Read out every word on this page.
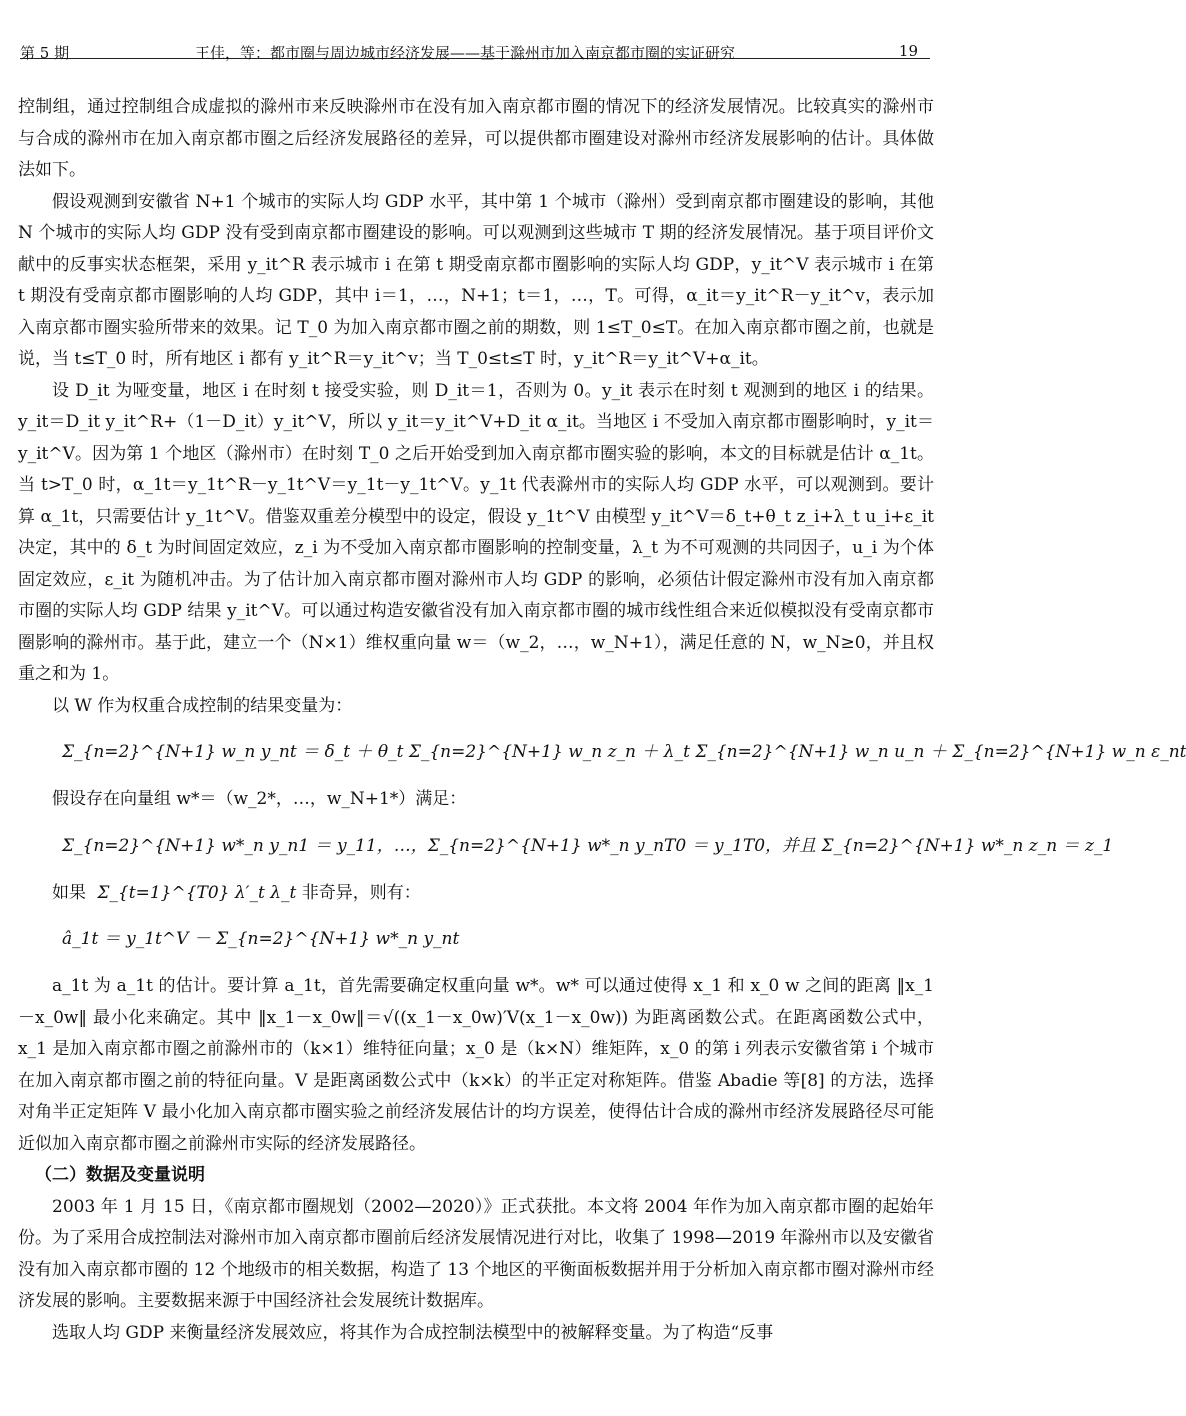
第 5 期	王佳，等：都市圈与周边城市经济发展——基于滁州市加入南京都市圈的实证研究	19

控制组，通过控制组合成虚拟的滁州市来反映滁州市在没有加入南京都市圈的情况下的经济发展情况。比较真实的滁州市与合成的滁州市在加入南京都市圈之后经济发展路径的差异，可以提供都市圈建设对滁州市经济发展影响的估计。具体做法如下。

假设观测到安徽省 N+1 个城市的实际人均 GDP 水平，其中第 1 个城市（滁州）受到南京都市圈建设的影响，其他 N 个城市的实际人均 GDP 没有受到南京都市圈建设的影响。可以观测到这些城市 T 期的经济发展情况。基于项目评价文献中的反事实状态框架，采用 y_it^R 表示城市 i 在第 t 期受南京都市圈影响的实际人均 GDP，y_it^V 表示城市 i 在第 t 期没有受南京都市圈影响的人均 GDP，其中 i＝1，…，N+1；t＝1，…，T。可得，α_it＝y_it^R－y_it^v，表示加入南京都市圈实验所带来的效果。记 T_0 为加入南京都市圈之前的期数，则 1≤T_0≤T。在加入南京都市圈之前，也就是说，当 t≤T_0 时，所有地区 i 都有 y_it^R＝y_it^v；当 T_0≤t≤T 时，y_it^R＝y_it^V+α_it。

设 D_it 为哑变量，地区 i 在时刻 t 接受实验，则 D_it＝1，否则为 0。y_it 表示在时刻 t 观测到的地区 i 的结果。y_it＝D_it y_it^R+（1－D_it）y_it^V，所以 y_it＝y_it^V+D_it α_it。当地区 i 不受加入南京都市圈影响时，y_it＝y_it^V。因为第 1 个地区（滁州市）在时刻 T_0 之后开始受到加入南京都市圈实验的影响，本文的目标就是估计 α_1t。当 t>T_0 时，α_1t＝y_1t^R－y_1t^V＝y_1t－y_1t^V。y_1t 代表滁州市的实际人均 GDP 水平，可以观测到。要计算 α_1t，只需要估计 y_1t^V。借鉴双重差分模型中的设定，假设 y_1t^V 由模型 y_it^V＝δ_t+θ_t z_i+λ_t u_i+ε_it 决定，其中的 δ_t 为时间固定效应，z_i 为不受加入南京都市圈影响的控制变量，λ_t 为不可观测的共同因子，u_i 为个体固定效应，ε_it 为随机冲击。为了估计加入南京都市圈对滁州市人均 GDP 的影响，必须估计假定滁州市没有加入南京都市圈的实际人均 GDP 结果 y_it^V。可以通过构造安徽省没有加入南京都市圈的城市线性组合来近似模拟没有受南京都市圈影响的滁州市。基于此，建立一个（N×1）维权重向量 w＝（w_2，…，w_N+1），满足任意的 N，w_N≥0，并且权重之和为 1。

以 W 作为权重合成控制的结果变量为：

Σ_{n=2}^{N+1} w_n y_nt ＝ δ_t ＋ θ_t Σ_{n=2}^{N+1} w_n z_n ＋ λ_t Σ_{n=2}^{N+1} w_n u_n ＋ Σ_{n=2}^{N+1} w_n ε_nt

假设存在向量组 w*＝（w_2*，…，w_N+1*）满足：

Σ_{n=2}^{N+1} w*_n y_n1 ＝ y_11，…，Σ_{n=2}^{N+1} w*_n y_nT0 ＝ y_1T0，并且 Σ_{n=2}^{N+1} w*_n z_n ＝ z_1

如果 Σ_{t=1}^{T0} λ′_t λ_t 非奇异，则有：

â_1t ＝ y_1t^V － Σ_{n=2}^{N+1} w*_n y_nt

a_1t 为 a_1t 的估计。要计算 a_1t，首先需要确定权重向量 w*。w* 可以通过使得 x_1 和 x_0 w 之间的距离 ‖x_1－x_0w‖ 最小化来确定。其中 ‖x_1－x_0w‖＝√((x_1－x_0w)′V(x_1－x_0w)) 为距离函数公式。在距离函数公式中，x_1 是加入南京都市圈之前滁州市的（k×1）维特征向量；x_0 是（k×N）维矩阵，x_0 的第 i 列表示安徽省第 i 个城市在加入南京都市圈之前的特征向量。V 是距离函数公式中（k×k）的半正定对称矩阵。借鉴 Abadie 等[8] 的方法，选择对角半正定矩阵 V 最小化加入南京都市圈实验之前经济发展估计的均方误差，使得估计合成的滁州市经济发展路径尽可能近似加入南京都市圈之前滁州市实际的经济发展路径。

（二）数据及变量说明

2003 年 1 月 15 日，《南京都市圈规划（2002—2020）》正式获批。本文将 2004 年作为加入南京都市圈的起始年份。为了采用合成控制法对滁州市加入南京都市圈前后经济发展情况进行对比，收集了 1998—2019 年滁州市以及安徽省没有加入南京都市圈的 12 个地级市的相关数据，构造了 13 个地区的平衡面板数据并用于分析加入南京都市圈对滁州市经济发展的影响。主要数据来源于中国经济社会发展统计数据库。

选取人均 GDP 来衡量经济发展效应，将其作为合成控制法模型中的被解释变量。为了构造“反事
